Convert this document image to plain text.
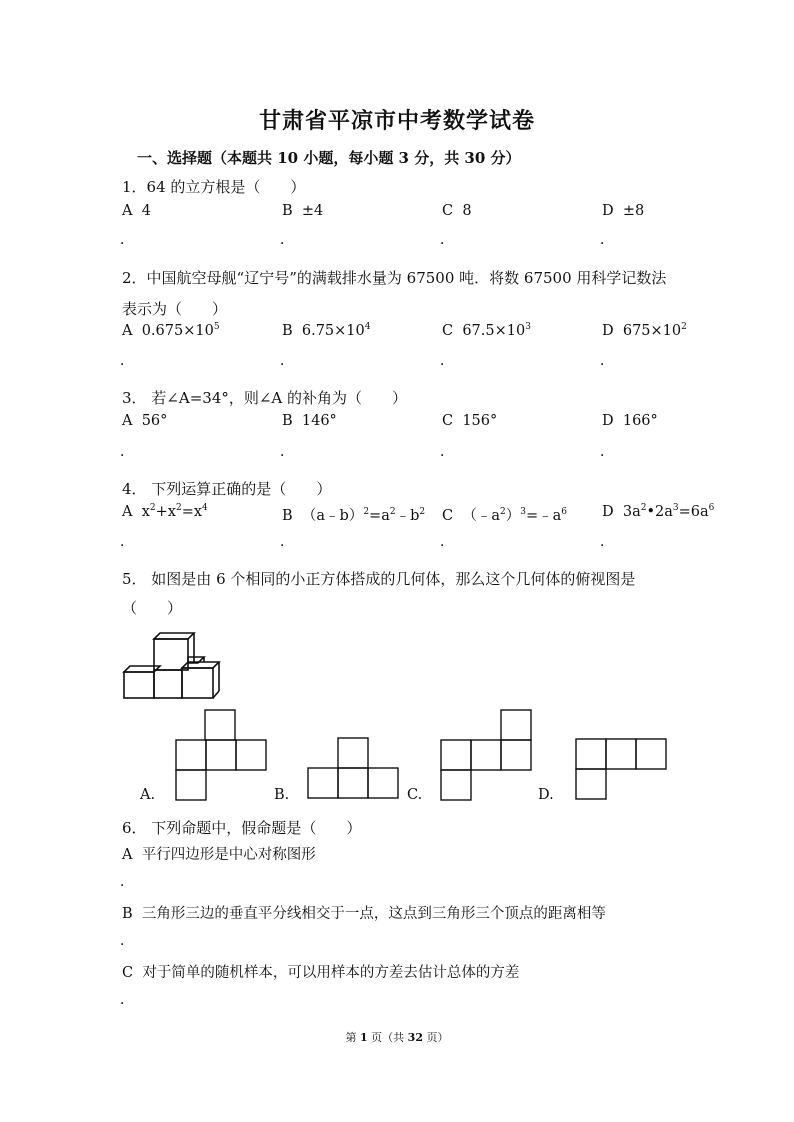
甘肃省平凉市中考数学试卷
一、选择题（本题共 10 小题，每小题 3 分，共 30 分）
1．64 的立方根是（　　）
A 4	B ±4	C 8	D ±8
．	．	．	．
2．中国航空母舰“辽宁号”的满载排水量为 67500 吨．将数 67500 用科学记数法
表示为（　　）
A $0.675\times 10^5$	B $6.75\times 10^4$	C $67.5\times 10^3$	D $675\times 10^2$
．	．	．	．
3． 若∠A=34°，则∠A 的补角为（　　）
A 56°	B 146°	C 156°	D 166°
．	．	．	．
4． 下列运算正确的是（　　）
A $x^2+x^2=x^4$	B $(a﹣b)^2=a^2﹣b^2$ C $(﹣a^2)^3=﹣a^6$ D $3a^2•2a^3=6a^6$
．	．	．	．
5． 如图是由 6 个相同的小正方体搭成的几何体，那么这个几何体的俯视图是
（　　）
A.	B.	C.	D.
6． 下列命题中，假命题是（　　）
A 平行四边形是中心对称图形
．
B 三角形三边的垂直平分线相交于一点，这点到三角形三个顶点的距离相等
．
C 对于简单的随机样本，可以用样本的方差去估计总体的方差
．
第 1 页（共 32 页）
